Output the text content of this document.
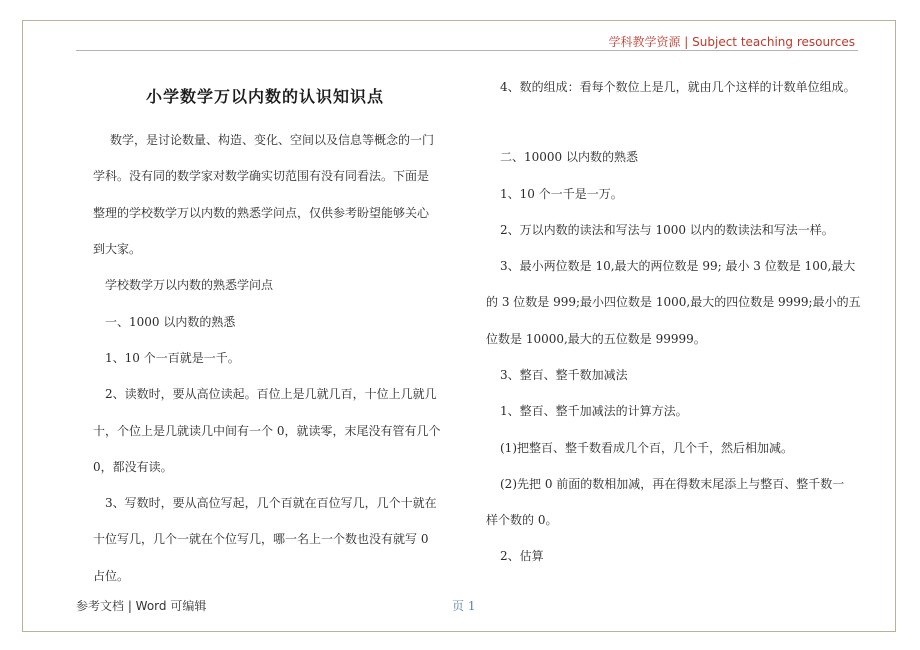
学科教学资源 | Subject teaching resources
小学数学万以内数的认识知识点
数学，是讨论数量、构造、变化、空间以及信息等概念的一门
学科。没有同的数学家对数学确实切范围有没有同看法。下面是
整理的学校数学万以内数的熟悉学问点，仅供参考盼望能够关心
到大家。
学校数学万以内数的熟悉学问点
一、1000 以内数的熟悉
1、10 个一百就是一千。
2、读数时，要从高位读起。百位上是几就几百，十位上几就几
十，个位上是几就读几中间有一个 0，就读零，末尾没有管有几个
0，都没有读。
3、写数时，要从高位写起，几个百就在百位写几，几个十就在
十位写几，几个一就在个位写几，哪一名上一个数也没有就写 0
占位。
4、数的组成：看每个数位上是几，就由几个这样的计数单位组成。
二、10000 以内数的熟悉
1、10 个一千是一万。
2、万以内数的读法和写法与 1000 以内的数读法和写法一样。
3、最小两位数是 10,最大的两位数是 99; 最小 3 位数是 100,最大
的 3 位数是 999;最小四位数是 1000,最大的四位数是 9999;最小的五
位数是 10000,最大的五位数是 99999。
3、整百、整千数加减法
1、整百、整千加减法的计算方法。
(1)把整百、整千数看成几个百，几个千，然后相加减。
(2)先把 0 前面的数相加减，再在得数末尾添上与整百、整千数一
样个数的 0。
2、估算
参考文档 | Word 可编辑	页 1
